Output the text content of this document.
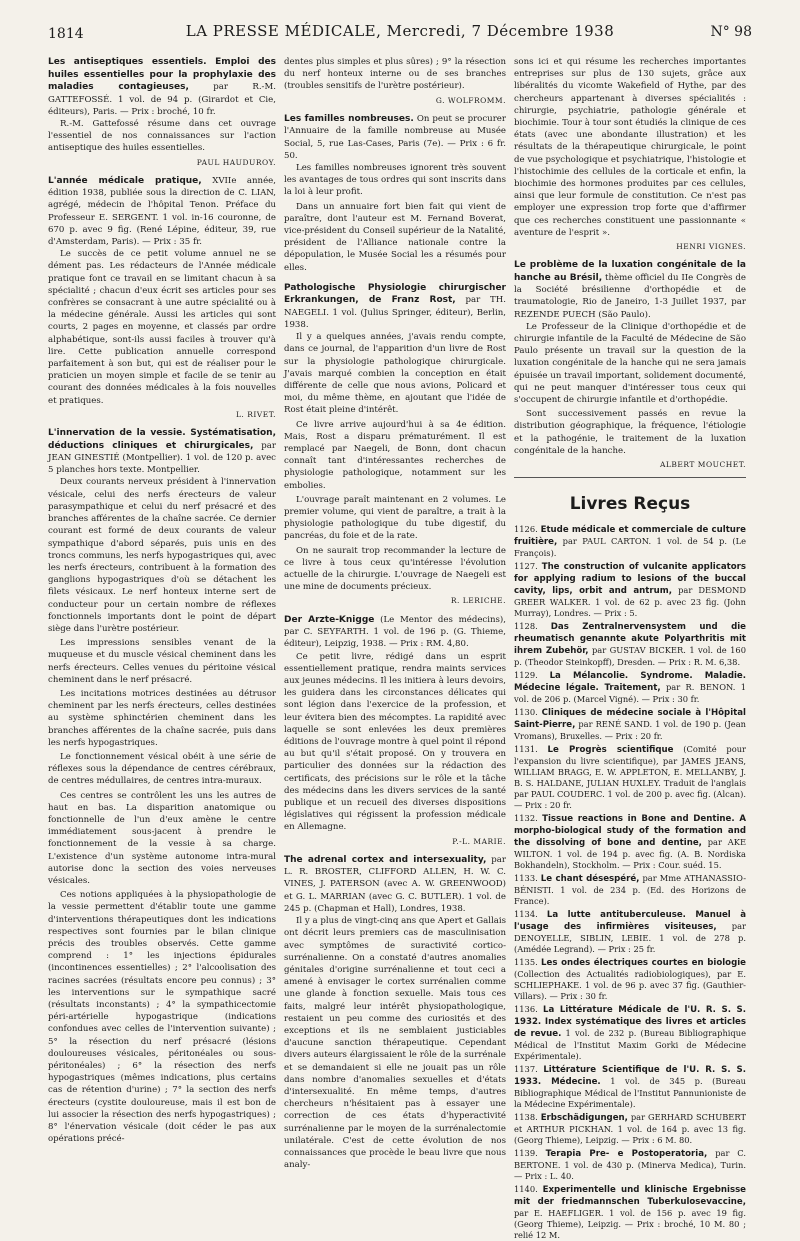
1814	LA PRESSE MÉDICALE, Mercredi, 7 Décembre 1938	N° 98
Les antiseptiques essentiels. Emploi des huiles essentielles pour la prophylaxie des maladies contagieuses,	par R.-M. GATTEFOSSÉ. 1 vol. de 94 p. (Girardot et Cie, éditeurs), Paris. — Prix : broché, 10 fr.

R.-M. Gattefossé résume dans cet ouvrage l'essentiel de nos connaissances sur l'action antiseptique des huiles essentielles.

PAUL HAUDUROY.
L'année médicale pratique, XVIIe année, édition 1938, publiée sous la direction de C. LIAN, agrégé, médecin de l'hôpital Tenon. Préface du Professeur E. SERGENT. 1 vol. in-16 couronne, de 670 p. avec 9 fig. (René Lépine, éditeur, 39, rue d'Amsterdam, Paris). — Prix : 35 fr.

Le succès de ce petit volume annuel ne se dément pas. Les rédacteurs de l'Année médicale pratique font ce travail en se limitant chacun à sa spécialité ; chacun d'eux écrit ses articles pour ses confrères se consacrant à une autre spécialité ou à la médecine générale. Aussi les articles qui sont courts, 2 pages en moyenne, et classés par ordre alphabétique, sont-ils aussi faciles à trouver qu'à lire. Cette publication annuelle correspond parfaitement à son but, qui est de réaliser pour le praticien un moyen simple et facile de se tenir au courant des données médicales à la fois nouvelles et pratiques.

L. RIVET.
L'innervation de la vessie. Systématisation, déductions cliniques et chirurgicales, par JEAN GINESTIÉ (Montpellier). 1 vol. de 120 p. avec 5 planches hors texte. Montpellier.

Deux courants nerveux président à l'innervation vésicale, celui des nerfs érecteurs de valeur parasympathique et celui du nerf présacré et des branches afférentes de la chaîne sacrée. Ce dernier courant est formé de deux courants de valeur sympathique d'abord séparés, puis unis en des troncs communs, les nerfs hypogastriques qui, avec les nerfs érecteurs, contribuent à la formation des ganglions hypogastriques d'où se détachent les filets vésicaux. Le nerf honteux interne sert de conducteur pour un certain nombre de réflexes fonctionnels importants dont le point de départ siège dans l'urètre postérieur.

Les impressions sensibles venant de la muqueuse et du muscle vésical cheminent dans les nerfs érecteurs. Celles venues du péritoine vésical cheminent dans le nerf présacré.

Les incitations motrices destinées au détrusor cheminent par les nerfs érecteurs, celles destinées au système sphinctérien cheminent dans les branches afférentes de la chaîne sacrée, puis dans les nerfs hypogastriques.

Le fonctionnement vésical obéit à une série de réflexes sous la dépendance de centres cérébraux, de centres médullaires, de centres intra-muraux.

Ces centres se contrôlent les uns les autres de haut en bas. La disparition anatomique ou fonctionnelle de l'un d'eux amène le centre immédiatement sous-jacent à prendre le fonctionnement de la vessie à sa charge. L'existence d'un système autonome intra-mural autorise donc la section des voies nerveuses vésicales.

Ces notions appliquées à la physiopathologie de la vessie permettent d'établir toute une gamme d'interventions thérapeutiques dont les indications respectives sont fournies par le bilan clinique précis des troubles observés. Cette gamme comprend : 1° les injections épidurales (incontinences essentielles) ; 2° l'alcoolisation des racines sacrées (résultats encore peu connus) ; 3° les interventions sur le sympathique sacré (résultats inconstants) ; 4° la sympathicectomie péri-artérielle hypogastrique (indications confondues avec celles de l'intervention suivante) ; 5° la résection du nerf présacré (lésions douloureuses vésicales, péritonéales ou sous-péritonéales) ; 6° la résection des nerfs hypogastriques (mêmes indications, plus certains cas de rétention d'urine) ; 7° la section des nerfs érecteurs (cystite douloureuse, mais il est bon de lui associer la résection des nerfs hypogastriques) ; 8° l'énervation vésicale (doit céder le pas aux opérations précé-

dentes plus simples et plus sûres) ; 9° la résection du nerf honteux interne ou de ses branches (troubles sensitifs de l'urètre postérieur).

G. WOLFROMM.
Les familles nombreuses. On peut se procurer l'Annuaire de la famille nombreuse au Musée Social, 5, rue Las-Cases, Paris (7e). — Prix : 6 fr. 50.

Les familles nombreuses ignorent très souvent les avantages de tous ordres qui sont inscrits dans la loi à leur profit.

Dans un annuaire fort bien fait qui vient de paraître, dont l'auteur est M. Fernand Boverat, vice-président du Conseil supérieur de la Natalité, président de l'Alliance nationale contre la dépopulation, le Musée Social les a résumés pour elles.

Pathologische Physiologie chirurgischer Erkrankungen, de Franz Rost, par TH. NAEGELI. 1 vol. (Julius Springer, éditeur), Berlin, 1938.

Il y a quelques années, j'avais rendu compte, dans ce journal, de l'apparition d'un livre de Rost sur la physiologie pathologique chirurgicale. J'avais marqué combien la conception en était différente de celle que nous avions, Policard et moi, du même thème, en ajoutant que l'idée de Rost était pleine d'intérêt.

Ce livre arrive aujourd'hui à sa 4e édition. Mais, Rost a disparu prématurément. Il est remplacé par Naegeli, de Bonn, dont chacun connaît tant d'intéressantes recherches de physiologie pathologique, notamment sur les embolies.

L'ouvrage paraît maintenant en 2 volumes. Le premier volume, qui vient de paraître, a trait à la physiologie pathologique du tube digestif, du pancréas, du foie et de la rate.

On ne saurait trop recommander la lecture de ce livre à tous ceux qu'intéresse l'évolution actuelle de la chirurgie. L'ouvrage de Naegeli est une mine de documents précieux.

R. LERICHE.
Der Arzte-Knigge (Le Mentor des médecins), par C. SEYFARTH. 1 vol. de 196 p. (G. Thieme, éditeur), Leipzig, 1938. — Prix : RM. 4,80.

Ce petit livre, rédigé dans un esprit essentiellement pratique, rendra maints services aux jeunes médecins. Il les initiera à leurs devoirs, les guidera dans les circonstances délicates qui sont légion dans l'exercice de la profession, et leur évitera bien des mécomptes. La rapidité avec laquelle se sont enlevées les deux premières éditions de l'ouvrage montre à quel point il répond au but qu'il s'était proposé. On y trouvera en particulier des données sur la rédaction des certificats, des précisions sur le rôle et la tâche des médecins dans les divers services de la santé publique et un recueil des diverses dispositions législatives qui régissent la profession médicale en Allemagne.

P.-L. MARIE.
The adrenal cortex and intersexuality, par L. R. BROSTER, CLIFFORD ALLEN, H. W. C. VINES, J. PATERSON (avec A. W. GREENWOOD) et G. L. MARRIAN (avec G. C. BUTLER). 1 vol. de 245 p. (Chapman et Hall), Londres, 1938.

Il y a plus de vingt-cinq ans que Apert et Gallais ont décrit leurs premiers cas de masculinisation avec symptômes de suractivité cortico-surrénalienne. On a constaté d'autres anomalies génitales d'origine surrénalienne et tout ceci a amené à envisager le cortex surrénalien comme une glande à fonction sexuelle. Mais tous ces faits, malgré leur intérêt physiopathologique, restaient un peu comme des curiosités et des exceptions et ils ne semblaient justiciables d'aucune sanction thérapeutique. Cependant divers auteurs élargissaient le rôle de la surrénale et se demandaient si elle ne jouait pas un rôle dans nombre d'anomalies sexuelles et d'états d'intersexualité. En même temps, d'autres chercheurs n'hésitaient pas à essayer une correction de ces états d'hyperactivité surrénalienne par le moyen de la surrénalectomie unilatérale. C'est de cette évolution de nos connaissances que procède le beau livre que nous analy-

sons ici et qui résume les recherches importantes entreprises sur plus de 130 sujets, grâce aux libéralités du vicomte Wakefield of Hythe, par des chercheurs appartenant à diverses spécialités : chirurgie, psychiatrie, pathologie générale et biochimie. Tour à tour sont étudiés la clinique de ces états (avec une abondante illustration) et les résultats de la thérapeutique chirurgicale, le point de vue psychologique et psychiatrique, l'histologie et l'histochimie des cellules de la corticale et enfin, la biochimie des hormones produites par ces cellules, ainsi que leur formule de constitution. Ce n'est pas employer une expression trop forte que d'affirmer que ces recherches constituent une passionnante « aventure de l'esprit ».

HENRI VIGNES.
Le problème de la luxation congénitale de la hanche au Brésil, thème officiel du IIe Congrès de la Société brésilienne d'orthopédie et de traumatologie, Rio de Janeiro, 1-3 Juillet 1937, par REZENDE PUECH (São Paulo).

Le Professeur de la Clinique d'orthopédie et de chirurgie infantile de la Faculté de Médecine de São Paulo présente un travail sur la question de la luxation congénitale de la hanche qui ne sera jamais épuisée un travail important, solidement documenté, qui ne peut manquer d'intéresser tous ceux qui s'occupent de chirurgie infantile et d'orthopédie.

Sont successivement passés en revue la distribution géographique, la fréquence, l'étiologie et la pathogénie, le traitement de la luxation congénitale de la hanche.

ALBERT MOUCHET.
Livres Reçus
1126. Etude médicale et commerciale de culture fruitière, par PAUL CARTON. 1 vol. de 54 p. (Le François).
1127. The construction of vulcanite applicators for applying radium to lesions of the buccal cavity, lips, orbit and antrum, par DESMOND GREER WALKER. 1 vol. de 62 p. avec 23 fig. (John Murray), Londres. — Prix : 5.
1128. Das Zentralnervensystem und die rheumatisch genannte akute Polyarthritis mit ihrem Zubehör, par GUSTAV BICKER. 1 vol. de 160 p. (Theodor Steinkopff), Dresden. — Prix : R. M. 6,38.
1129. La Mélancolie. Syndrome. Maladie. Médecine légale. Traitement, par R. BENON. 1 vol. de 206 p. (Marcel Vigné). — Prix : 30 fr.
1130. Cliniques de médecine sociale à l'Hôpital Saint-Pierre, par RENÉ SAND. 1 vol. de 190 p. (Jean Vromans), Bruxelles. — Prix : 20 fr.
1131. Le Progrès scientifique (Comité pour l'expansion du livre scientifique), par JAMES JEANS, WILLIAM BRAGG, E. W. APPLETON, E. MELLANBY, J. B. S. HALDANE, JULIAN HUXLEY. Traduit de l'anglais par PAUL COUDERC. 1 vol. de 200 p. avec fig. (Alcan). — Prix : 20 fr.
1132. Tissue reactions in Bone and Dentine. A morpho-biological study of the formation and the dissolving of bone and dentine, par AKE WILTON. 1 vol. de 194 p. avec fig. (A. B. Nordiska Bokhandeln), Stockholm. — Prix : Cour. suéd. 15.
1133. Le chant désespéré, par Mme ATHANASSIO-BÉNISTI. 1 vol. de 234 p. (Ed. des Horizons de France).
1134. La lutte antituberculeuse. Manuel à l'usage des infirmières visiteuses, par DENOYELLE, SIBLIN, LEBIE. 1 vol. de 278 p. (Amédée Legrand). — Prix : 25 fr.
1135. Les ondes électriques courtes en biologie (Collection des Actualités radiobiologiques), par E. SCHLIEPHAKE. 1 vol. de 96 p. avec 37 fig. (Gauthier-Villars). — Prix : 30 fr.
1136. La Littérature Médicale de l'U. R. S. S. 1932. Index systématique des livres et articles de revue. 1 vol. de 232 p. (Bureau Bibliographique Médical de l'Institut Maxim Gorki de Médecine Expérimentale).
1137. Littérature Scientifique de l'U. R. S. S. 1933. Médecine. 1 vol. de 345 p. (Bureau Bibliographique Médical de l'Institut Pannunioniste de la Médecine Expérimentale).
1138. Erbschädigungen, par GERHARD SCHUBERT et ARTHUR PICKHAN. 1 vol. de 164 p. avec 13 fig. (Georg Thieme), Leipzig. — Prix : 6 M. 80.
1139. Terapia Pre- e Postoperatoria, par C. BERTONE. 1 vol. de 430 p. (Minerva Medica), Turin. — Prix : L. 40.
1140. Experimentelle und klinische Ergebnisse mit der friedmannschen Tuberkulosevaccine, par E. HAEFLIGER. 1 vol. de 156 p. avec 19 fig. (Georg Thieme), Leipzig. — Prix : broché, 10 M. 80 ; relié 12 M.
